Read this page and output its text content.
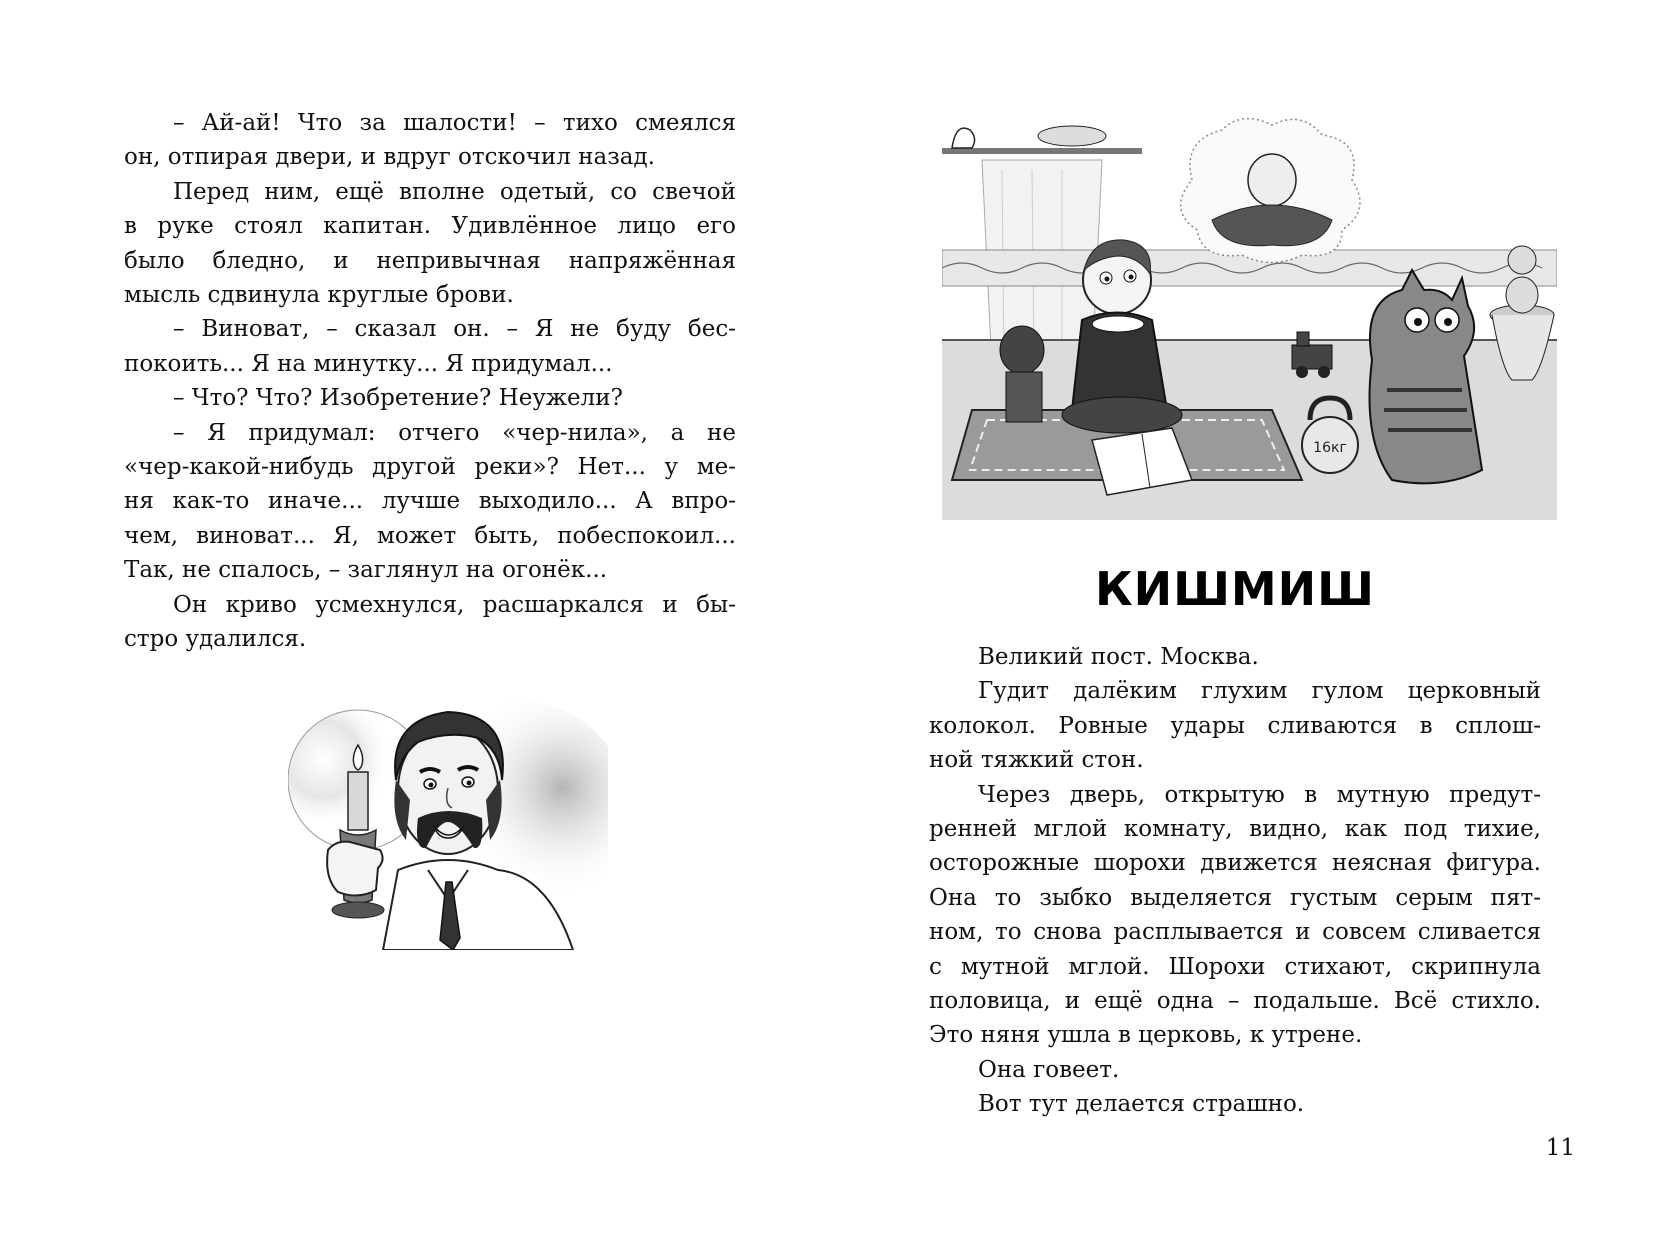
– Ай-ай! Что за шалости! – тихо смеялся
он, отпирая двери, и вдруг отскочил назад.

Перед ним, ещё вполне одетый, со свечой
в руке стоял капитан. Удивлённое лицо его
было бледно, и непривычная напряжённая
мысль сдвинула круглые брови.

– Виноват, – сказал он. – Я не буду бес-
покоить... Я на минутку... Я придумал...

– Что? Что? Изобретение? Неужели?

– Я придумал: отчего «чер-нила», а не
«чер-какой-нибудь другой реки»? Нет... у ме-
ня как-то иначе... лучше выходило... А впро-
чем, виноват... Я, может быть, побеспокоил...
Так, не спалось, – заглянул на огонёк...

Он криво усмехнулся, расшаркался и бы-
стро удалился.

16кг
КИШМИШ

Великий пост. Москва.

Гудит далёким глухим гулом церковный
колокол. Ровные удары сливаются в сплош-
ной тяжкий стон.

Через дверь, открытую в мутную предут-
ренней мглой комнату, видно, как под тихие,
осторожные шорохи движется неясная фигура.
Она то зыбко выделяется густым серым пят-
ном, то снова расплывается и совсем сливается
с мутной мглой. Шорохи стихают, скрипнула
половица, и ещё одна – подальше. Всё стихло.
Это няня ушла в церковь, к утрене.

Она говеет.

Вот тут делается страшно.

11
